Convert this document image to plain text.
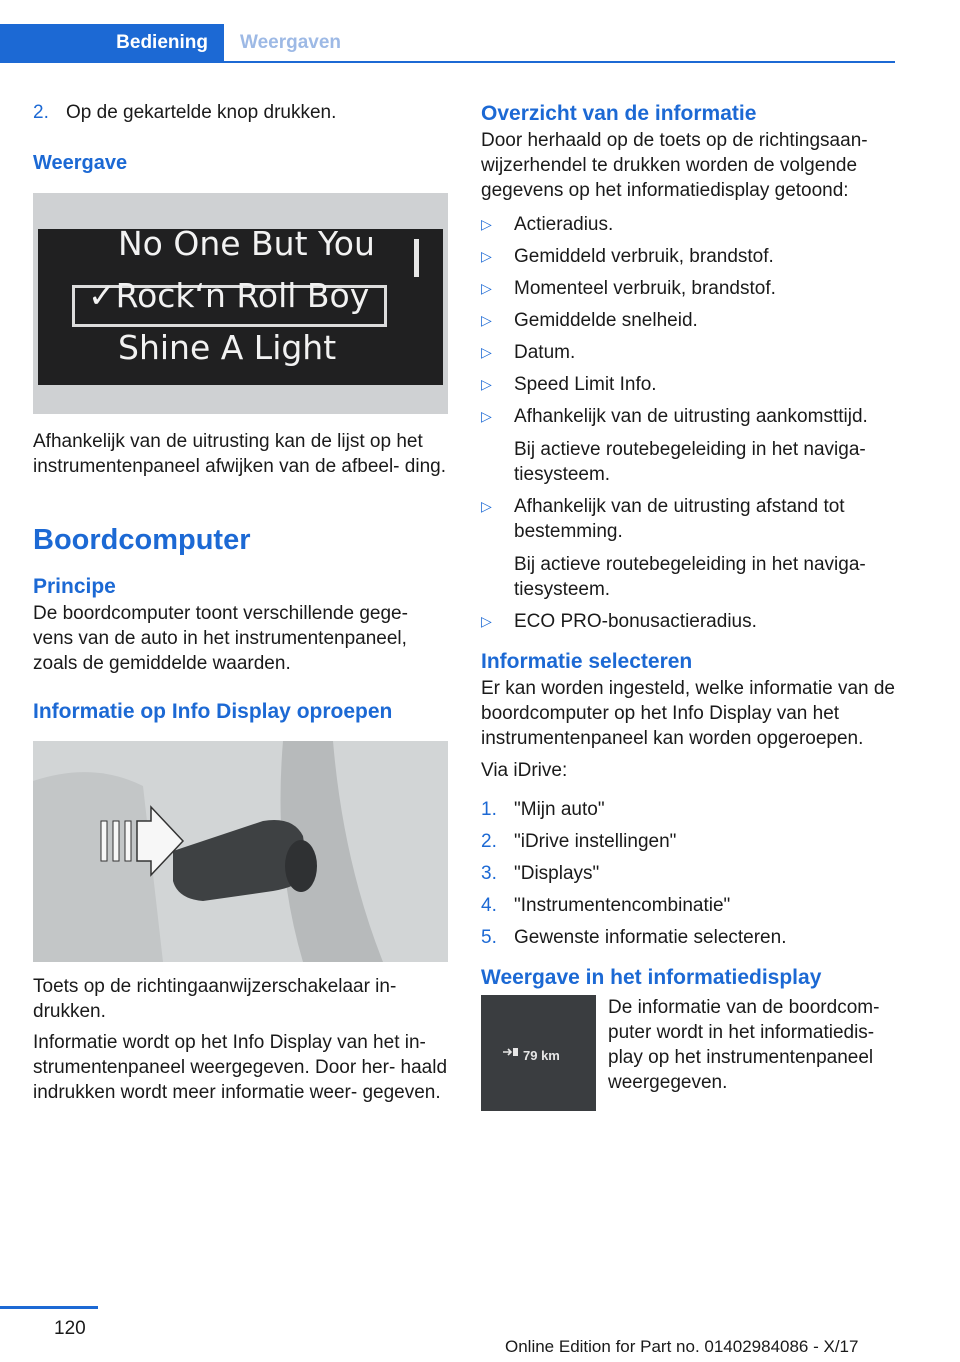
Bediening	Weergaven

2. Op de gekartelde knop drukken.

Weergave

No One But You
✓Rock‘n Roll Boy
Shine A Light

Afhankelijk van de uitrusting kan de lijst op het instrumentenpaneel afwijken van de afbeel‑ ding.

Boordcomputer

Principe

De boordcomputer toont verschillende gege‑ vens van de auto in het instrumentenpaneel, zoals de gemiddelde waarden.

Informatie op Info Display oproepen

Toets op de richtingaanwijzerschakelaar in‑ drukken.

Informatie wordt op het Info Display van het in‑ strumentenpaneel weergegeven. Door her‑ haald indrukken wordt meer informatie weer‑ gegeven.

Overzicht van de informatie

Door herhaald op de toets op de richtingsaan‑ wijzerhendel te drukken worden de volgende gegevens op het informatiedisplay getoond:

▷ Actieradius.
▷ Gemiddeld verbruik, brandstof.
▷ Momenteel verbruik, brandstof.
▷ Gemiddelde snelheid.
▷ Datum.
▷ Speed Limit Info.
▷ Afhankelijk van de uitrusting aankomsttijd.
Bij actieve routebegeleiding in het naviga‑ tiesysteem.
▷ Afhankelijk van de uitrusting afstand tot bestemming.
Bij actieve routebegeleiding in het naviga‑ tiesysteem.
▷ ECO PRO-bonusactieradius.

Informatie selecteren

Er kan worden ingesteld, welke informatie van de boordcomputer op het Info Display van het instrumentenpaneel kan worden opgeroepen.

Via iDrive:

1. "Mijn auto"

2. "iDrive instellingen"

3. "Displays"

4. "Instrumentencombinatie"

5. Gewenste informatie selecteren.

Weergave in het informatiedisplay

79 km

De informatie van de boordcom‑ puter wordt in het informatiedis‑ play op het instrumentenpaneel weergegeven.

120
Online Edition for Part no. 01402984086 - X/17
